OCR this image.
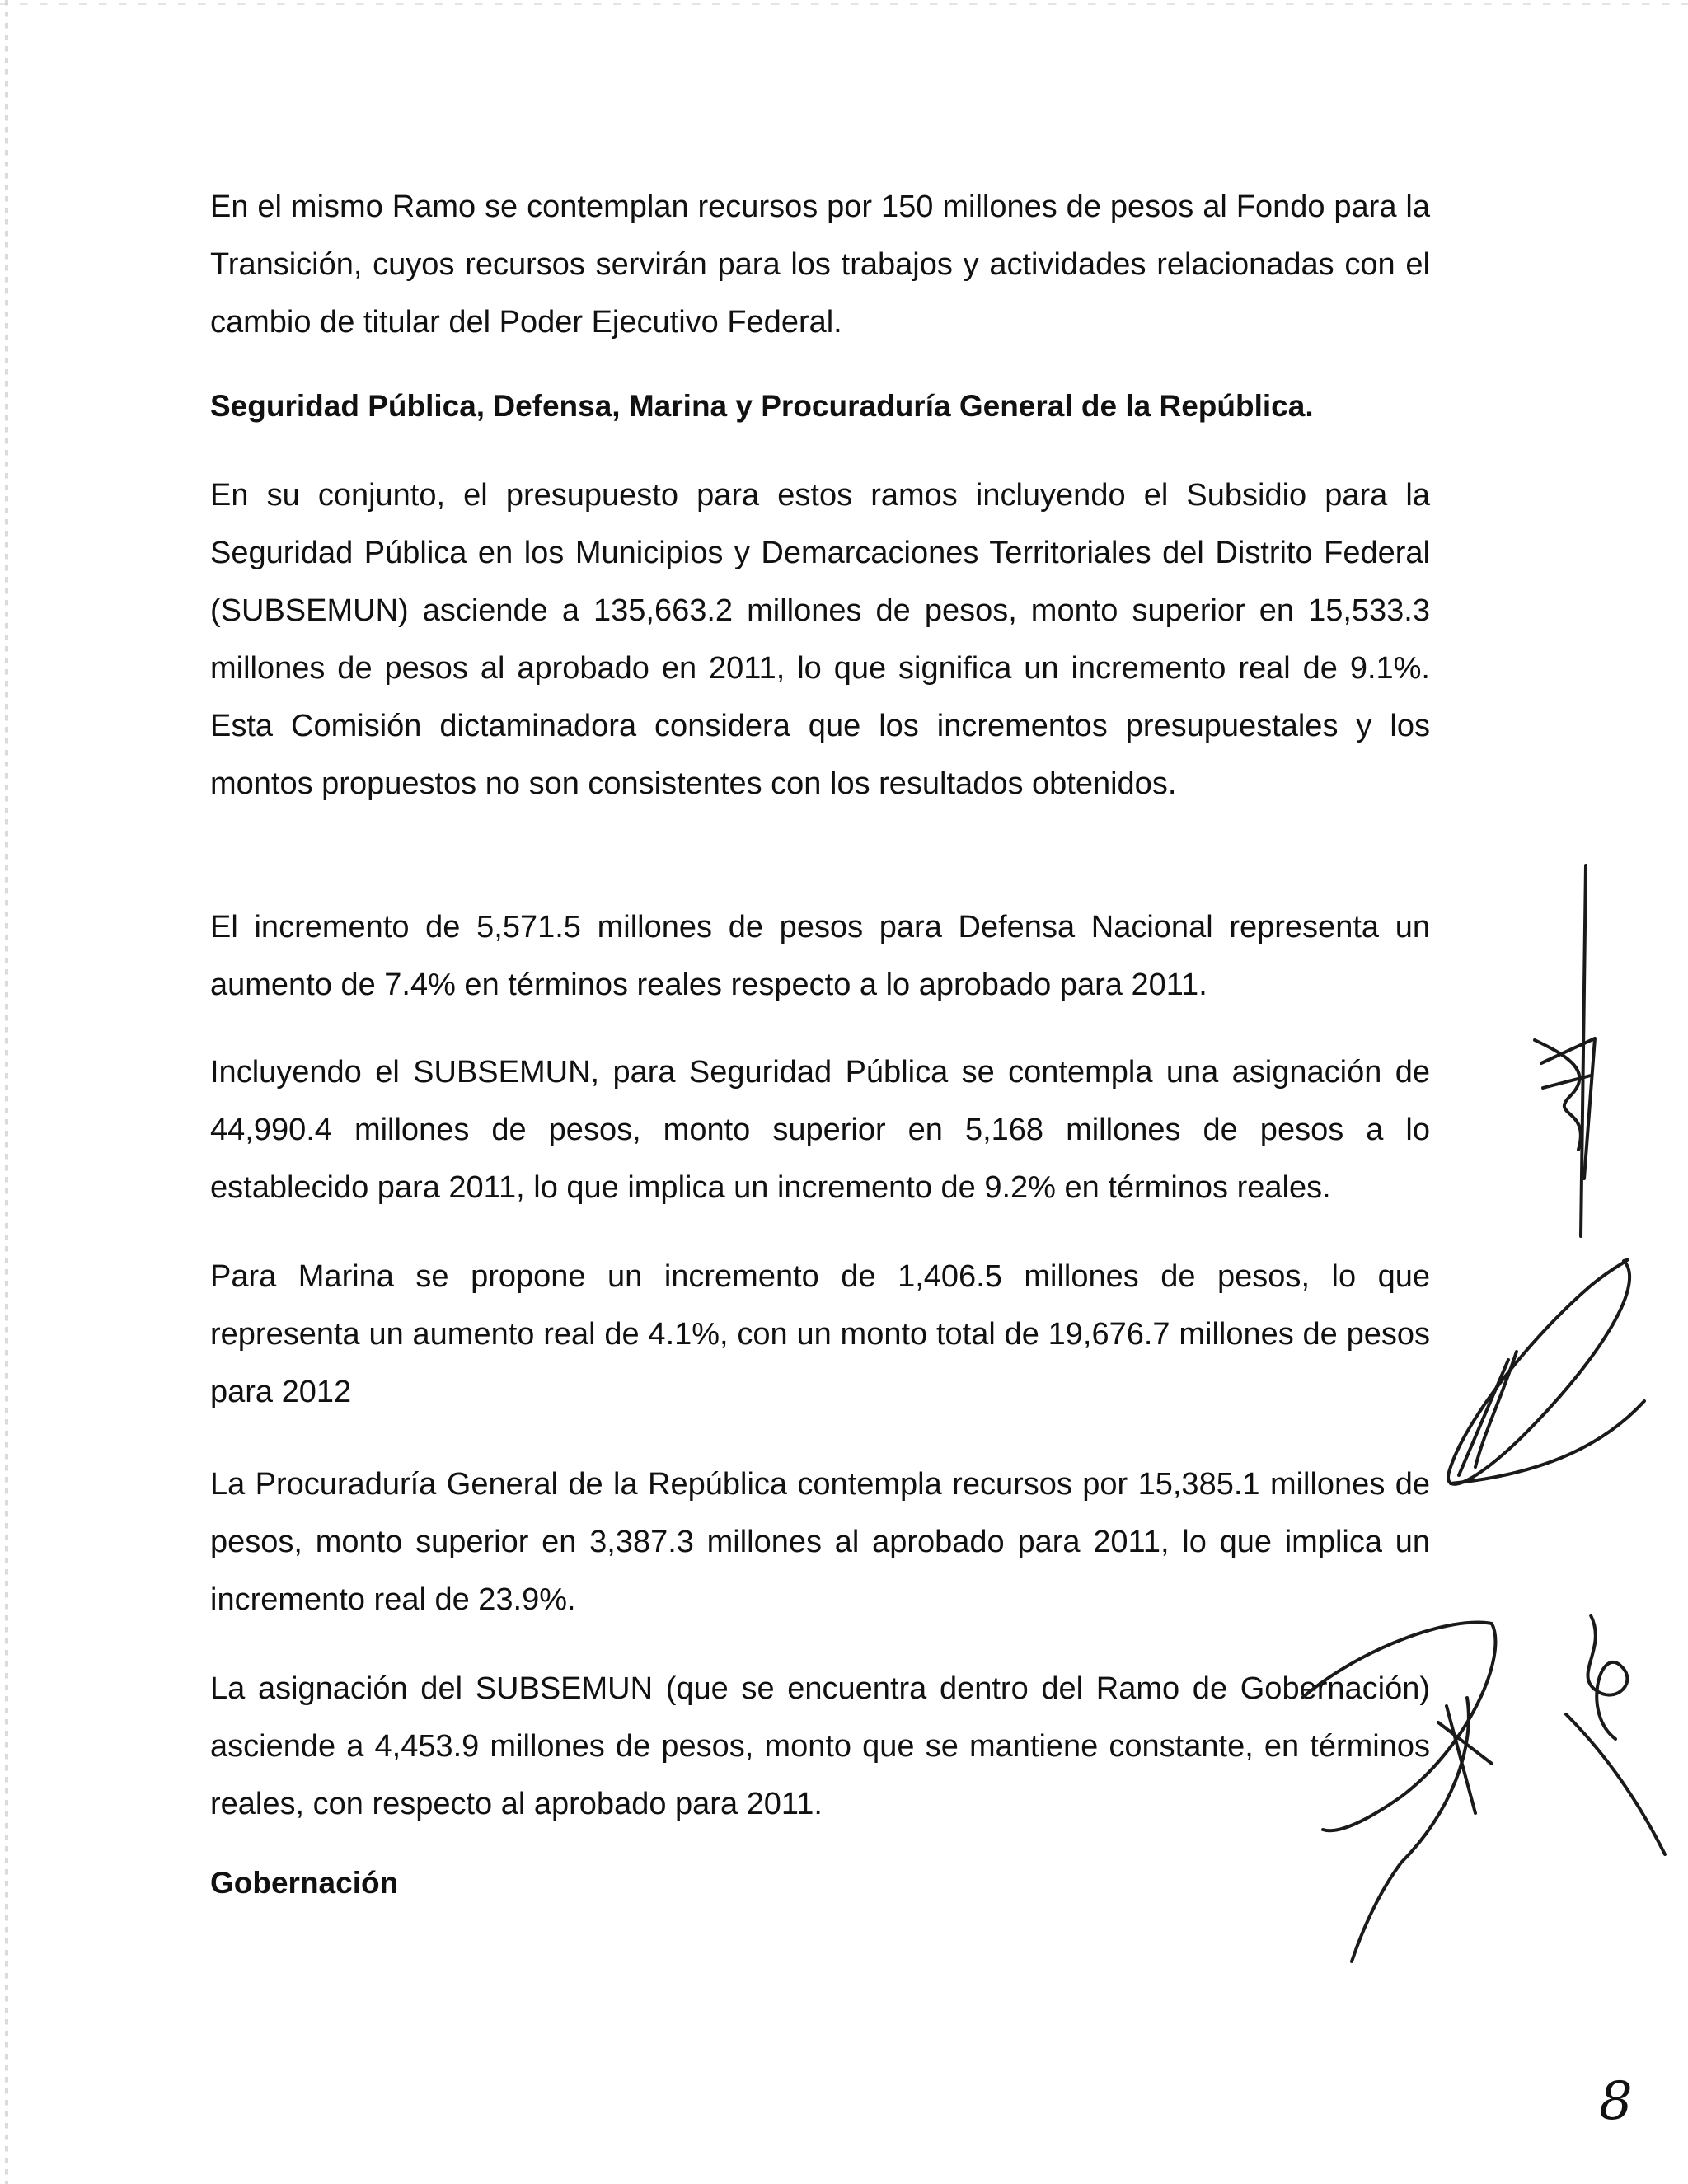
En el mismo Ramo se contemplan recursos por 150 millones de pesos al Fondo para la Transición, cuyos recursos servirán para los trabajos y actividades relacionadas con el cambio de titular del Poder Ejecutivo Federal.

Seguridad Pública, Defensa, Marina y Procuraduría General de la República.

En su conjunto, el presupuesto para estos ramos incluyendo el Subsidio para la Seguridad Pública en los Municipios y Demarcaciones Territoriales del Distrito Federal (SUBSEMUN) asciende a 135,663.2 millones de pesos, monto superior en 15,533.3 millones de pesos al aprobado en 2011, lo que significa un incremento real de 9.1%. Esta Comisión dictaminadora considera que los incrementos presupuestales y los montos propuestos no son consistentes con los resultados obtenidos.

El incremento de 5,571.5 millones de pesos para Defensa Nacional representa un aumento de 7.4% en términos reales respecto a lo aprobado para 2011.

Incluyendo el SUBSEMUN, para Seguridad Pública se contempla una asignación de 44,990.4 millones de pesos, monto superior en 5,168 millones de pesos a lo establecido para 2011, lo que implica un incremento de 9.2% en términos reales.

Para Marina se propone un incremento de 1,406.5 millones de pesos, lo que representa un aumento real de 4.1%, con un monto total de 19,676.7 millones de pesos para 2012

La Procuraduría General de la República contempla recursos por 15,385.1 millones de pesos, monto superior en 3,387.3 millones al aprobado para 2011, lo que implica un incremento real de 23.9%.

La asignación del SUBSEMUN (que se encuentra dentro del Ramo de Gobernación) asciende a 4,453.9 millones de pesos, monto que se mantiene constante, en términos reales, con respecto al aprobado para 2011.

Gobernación

8
